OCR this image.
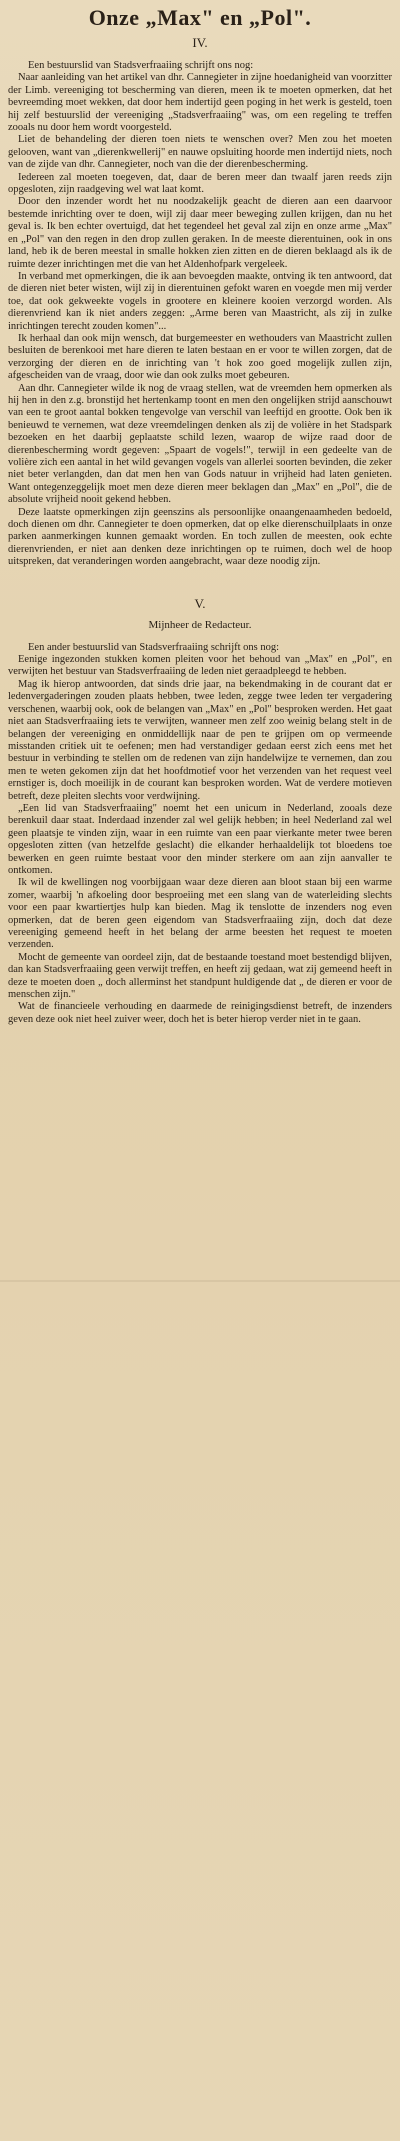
Onze „Max" en „Pol".
IV.

Een bestuurslid van Stadsverfraaiing schrijft ons nog:

Naar aanleiding van het artikel van dhr. Cannegieter in zijne hoedanigheid van voorzitter der Limb. vereeniging tot bescherming van dieren, meen ik te moeten opmerken, dat het bevreemding moet wekken, dat door hem indertijd geen poging in het werk is gesteld, toen hij zelf bestuurslid der vereeniging „Stadsverfraaiing" was, om een regeling te treffen zooals nu door hem wordt voorgesteld.

Liet de behandeling der dieren toen niets te wenschen over? Men zou het moeten gelooven, want van „dierenkwellerij" en nauwe opsluiting hoorde men indertijd niets, noch van de zijde van dhr. Cannegieter, noch van die der dierenbescherming.

Iedereen zal moeten toegeven, dat, daar de beren meer dan twaalf jaren reeds zijn opgesloten, zijn raadgeving wel wat laat komt.

Door den inzender wordt het nu noodzakelijk geacht de dieren aan een daarvoor bestemde inrichting over te doen, wijl zij daar meer beweging zullen krijgen, dan nu het geval is. Ik ben echter overtuigd, dat het tegendeel het geval zal zijn en onze arme „Max" en „Pol" van den regen in den drop zullen geraken. In de meeste dierentuinen, ook in ons land, heb ik de beren meestal in smalle hokken zien zitten en de dieren beklaagd als ik de ruimte dezer inrichtingen met die van het Aldenhofpark vergeleek.

In verband met opmerkingen, die ik aan bevoegden maakte, ontving ik ten antwoord, dat de dieren niet beter wisten, wijl zij in dierentuinen gefokt waren en voegde men mij verder toe, dat ook gekweekte vogels in grootere en kleinere kooien verzorgd worden. Als dierenvriend kan ik niet anders zeggen: „Arme beren van Maastricht, als zij in zulke inrichtingen terecht zouden komen"...

Ik herhaal dan ook mijn wensch, dat burgemeester en wethouders van Maastricht zullen besluiten de berenkooi met hare dieren te laten bestaan en er voor te willen zorgen, dat de verzorging der dieren en de inrichting van 't hok zoo goed mogelijk zullen zijn, afgescheiden van de vraag, door wie dan ook zulks moet gebeuren.

Aan dhr. Cannegieter wilde ik nog de vraag stellen, wat de vreemden hem opmerken als hij hen in den z.g. bronstijd het hertenkamp toont en men den ongelijken strijd aanschouwt van een te groot aantal bokken tengevolge van verschil van leeftijd en grootte. Ook ben ik benieuwd te vernemen, wat deze vreemdelingen denken als zij de volière in het Stadspark bezoeken en het daarbij geplaatste schild lezen, waarop de wijze raad door de dierenbescherming wordt gegeven: „Spaart de vogels!", terwijl in een gedeelte van de volière zich een aantal in het wild gevangen vogels van allerlei soorten bevinden, die zeker niet beter verlangden, dan dat men hen van Gods natuur in vrijheid had laten genieten. Want ontegenzeggelijk moet men deze dieren meer beklagen dan „Max" en „Pol", die de absolute vrijheid nooit gekend hebben.

Deze laatste opmerkingen zijn geenszins als persoonlijke onaangenaamheden bedoeld, doch dienen om dhr. Cannegieter te doen opmerken, dat op elke dierenschuilplaats in onze parken aanmerkingen kunnen gemaakt worden. En toch zullen de meesten, ook echte dierenvrienden, er niet aan denken deze inrichtingen op te ruimen, doch wel de hoop uitspreken, dat veranderingen worden aangebracht, waar deze noodig zijn.

V.
Mijnheer de Redacteur.

Een ander bestuurslid van Stadsverfraaiing schrijft ons nog:

Eenige ingezonden stukken komen pleiten voor het behoud van „Max" en „Pol", en verwijten het bestuur van Stadsverfraaiing de leden niet geraadpleegd te hebben.

Mag ik hierop antwoorden, dat sinds drie jaar, na bekendmaking in de courant dat er ledenvergaderingen zouden plaats hebben, twee leden, zegge twee leden ter vergadering verschenen, waarbij ook, ook de belangen van „Max" en „Pol" besproken werden. Het gaat niet aan Stadsverfraaiing iets te verwijten, wanneer men zelf zoo weinig belang stelt in de belangen der vereeniging en onmiddellijk naar de pen te grijpen om op vermeende misstanden critiek uit te oefenen; men had verstandiger gedaan eerst zich eens met het bestuur in verbinding te stellen om de redenen van zijn handelwijze te vernemen, dan zou men te weten gekomen zijn dat het hoofdmotief voor het verzenden van het request veel ernstiger is, doch moeilijk in de courant kan besproken worden. Wat de verdere motieven betreft, deze pleiten slechts voor verdwijning.

„Een lid van Stadsverfraaiing" noemt het een unicum in Nederland, zooals deze berenkuil daar staat. Inderdaad inzender zal wel gelijk hebben; in heel Nederland zal wel geen plaatsje te vinden zijn, waar in een ruimte van een paar vierkante meter twee beren opgesloten zitten (van hetzelfde geslacht) die elkander herhaaldelijk tot bloedens toe bewerken en geen ruimte bestaat voor den minder sterkere om aan zijn aanvaller te ontkomen.

Ik wil de kwellingen nog voorbijgaan waar deze dieren aan bloot staan bij een warme zomer, waarbij 'n afkoeling door besproeiing met een slang van de waterleiding slechts voor een paar kwartiertjes hulp kan bieden. Mag ik tenslotte de inzenders nog even opmerken, dat de beren geen eigendom van Stadsverfraaiing zijn, doch dat deze vereeniging gemeend heeft in het belang der arme beesten het request te moeten verzenden.

Mocht de gemeente van oordeel zijn, dat de bestaande toestand moet bestendigd blijven, dan kan Stadsverfraaiing geen verwijt treffen, en heeft zij gedaan, wat zij gemeend heeft in deze te moeten doen „ doch allerminst het standpunt huldigende dat „ de dieren er voor de menschen zijn."

Wat de financieele verhouding en daarmede de reinigingsdienst betreft, de inzenders geven deze ook niet heel zuiver weer, doch het is beter hierop verder niet in te gaan.
